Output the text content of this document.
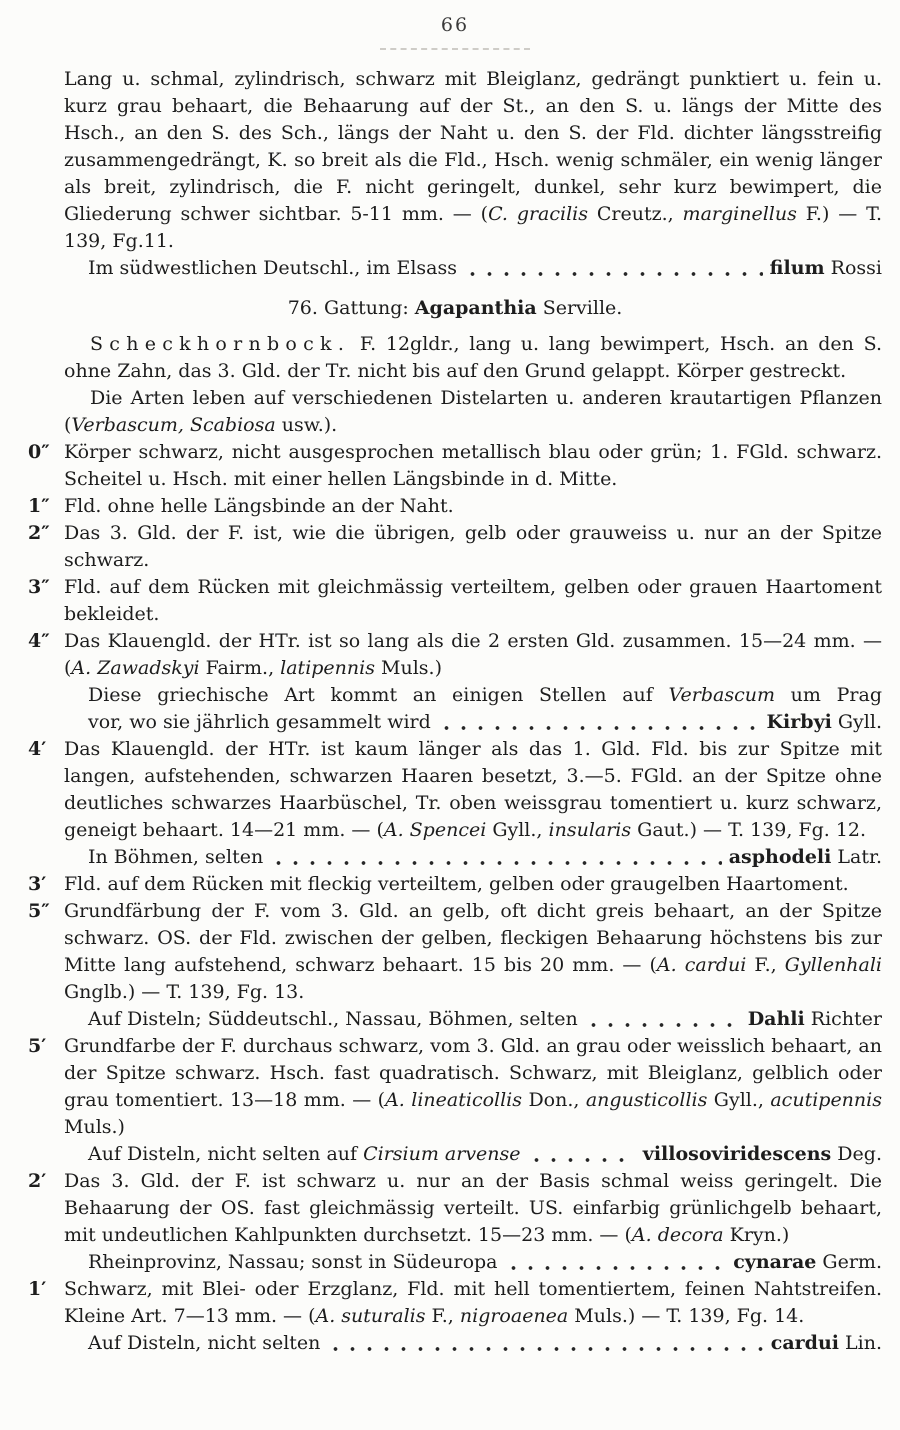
66
Lang u. schmal, zylindrisch, schwarz mit Bleiglanz, gedrängt punktiert u. fein u. kurz grau behaart, die Behaarung auf der St., an den S. u. längs der Mitte des Hsch., an den S. des Sch., längs der Naht u. den S. der Fld. dichter längsstreifig zusammengedrängt, K. so breit als die Fld., Hsch. wenig schmäler, ein wenig länger als breit, zylindrisch, die F. nicht geringelt, dunkel, sehr kurz bewimpert, die Gliederung schwer sichtbar. 5-11 mm. — (C. gracilis Creutz., marginellus F.) — T. 139, Fg.11.
Im südwestlichen Deutschl., im Elsass	filum Rossi
76. Gattung: Agapanthia Serville.
Scheckhornbock. F. 12gldr., lang u. lang bewimpert, Hsch. an den S. ohne Zahn, das 3. Gld. der Tr. nicht bis auf den Grund gelappt. Körper gestreckt.
Die Arten leben auf verschiedenen Distelarten u. anderen krautartigen Pflanzen (Verbascum, Scabiosa usw.).
0″ Körper schwarz, nicht ausgesprochen metallisch blau oder grün; 1. FGld. schwarz. Scheitel u. Hsch. mit einer hellen Längsbinde in d. Mitte.
1″ Fld. ohne helle Längsbinde an der Naht.
2″ Das 3. Gld. der F. ist, wie die übrigen, gelb oder grauweiss u. nur an der Spitze schwarz.
3″ Fld. auf dem Rücken mit gleichmässig verteiltem, gelben oder grauen Haartoment bekleidet.
4″ Das Klauengld. der HTr. ist so lang als die 2 ersten Gld. zusammen. 15—24 mm. — (A. Zawadskyi Fairm., latipennis Muls.)
Diese griechische Art kommt an einigen Stellen auf Verbascum um Prag
vor, wo sie jährlich gesammelt wird	Kirbyi Gyll.
4′ Das Klauengld. der HTr. ist kaum länger als das 1. Gld. Fld. bis zur Spitze mit langen, aufstehenden, schwarzen Haaren besetzt, 3.—5. FGld. an der Spitze ohne deutliches schwarzes Haarbüschel, Tr. oben weissgrau tomentiert u. kurz schwarz, geneigt behaart. 14—21 mm. — (A. Spencei Gyll., insularis Gaut.) — T. 139, Fg. 12.
In Böhmen, selten	asphodeli Latr.
3′ Fld. auf dem Rücken mit fleckig verteiltem, gelben oder graugelben Haartoment.
5″ Grundfärbung der F. vom 3. Gld. an gelb, oft dicht greis behaart, an der Spitze schwarz. OS. der Fld. zwischen der gelben, fleckigen Behaarung höchstens bis zur Mitte lang aufstehend, schwarz behaart. 15 bis 20 mm. — (A. cardui F., Gyllenhali Gnglb.) — T. 139, Fg. 13.
Auf Disteln; Süddeutschl., Nassau, Böhmen, selten	Dahli Richter
5′ Grundfarbe der F. durchaus schwarz, vom 3. Gld. an grau oder weisslich behaart, an der Spitze schwarz. Hsch. fast quadratisch. Schwarz, mit Bleiglanz, gelblich oder grau tomentiert. 13—18 mm. — (A. lineaticollis Don., angusticollis Gyll., acutipennis Muls.)
Auf Disteln, nicht selten auf Cirsium arvense	villosoviridescens Deg.
2′ Das 3. Gld. der F. ist schwarz u. nur an der Basis schmal weiss geringelt. Die Behaarung der OS. fast gleichmässig verteilt. US. einfarbig grünlichgelb behaart, mit undeutlichen Kahlpunkten durchsetzt. 15—23 mm. — (A. decora Kryn.)
Rheinprovinz, Nassau; sonst in Südeuropa	cynarae Germ.
1′ Schwarz, mit Blei- oder Erzglanz, Fld. mit hell tomentiertem, feinen Nahtstreifen. Kleine Art. 7—13 mm. — (A. suturalis F., nigroaenea Muls.) — T. 139, Fg. 14.
Auf Disteln, nicht selten	cardui Lin.
